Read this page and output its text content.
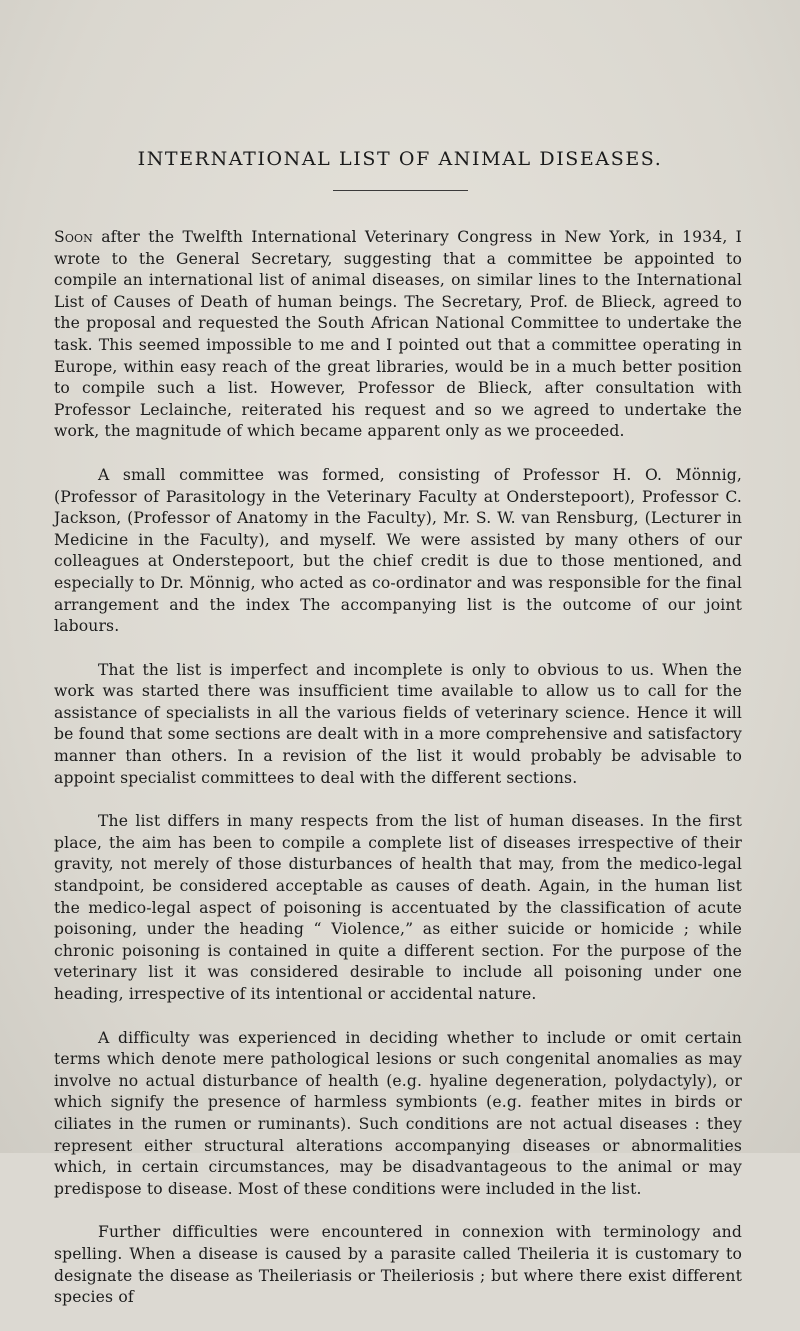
INTERNATIONAL LIST OF ANIMAL DISEASES.

Soon after the Twelfth International Veterinary Congress in New York, in 1934, I wrote to the General Secretary, suggesting that a committee be appointed to compile an international list of animal diseases, on similar lines to the International List of Causes of Death of human beings. The Secretary, Prof. de Blieck, agreed to the proposal and requested the South African National Committee to undertake the task. This seemed impossible to me and I pointed out that a committee operating in Europe, within easy reach of the great libraries, would be in a much better position to compile such a list. However, Professor de Blieck, after consultation with Professor Leclainche, reiterated his request and so we agreed to undertake the work, the magnitude of which became apparent only as we proceeded.

A small committee was formed, consisting of Professor H. O. Mönnig, (Professor of Parasitology in the Veterinary Faculty at Onderstepoort), Professor C. Jackson, (Professor of Anatomy in the Faculty), Mr. S. W. van Rensburg, (Lecturer in Medicine in the Faculty), and myself. We were assisted by many others of our colleagues at Onderstepoort, but the chief credit is due to those mentioned, and especially to Dr. Mönnig, who acted as co-ordinator and was responsible for the final arrangement and the index The accompanying list is the outcome of our joint labours.

That the list is imperfect and incomplete is only to obvious to us. When the work was started there was insufficient time available to allow us to call for the assistance of specialists in all the various fields of veterinary science. Hence it will be found that some sections are dealt with in a more comprehensive and satisfactory manner than others. In a revision of the list it would probably be advisable to appoint specialist committees to deal with the different sections.

The list differs in many respects from the list of human diseases. In the first place, the aim has been to compile a complete list of diseases irrespective of their gravity, not merely of those disturbances of health that may, from the medico-legal standpoint, be considered acceptable as causes of death. Again, in the human list the medico-legal aspect of poisoning is accentuated by the classification of acute poisoning, under the heading “ Violence,” as either suicide or homicide ; while chronic poisoning is contained in quite a different section. For the purpose of the veterinary list it was considered desirable to include all poisoning under one heading, irrespective of its intentional or accidental nature.

A difficulty was experienced in deciding whether to include or omit certain terms which denote mere pathological lesions or such congenital anomalies as may involve no actual disturbance of health (e.g. hyaline degeneration, polydactyly), or which signify the presence of harmless symbionts (e.g. feather mites in birds or ciliates in the rumen or ruminants). Such conditions are not actual diseases : they represent either structural alterations accompanying diseases or abnormalities which, in certain circumstances, may be disadvantageous to the animal or may predispose to disease. Most of these conditions were included in the list.

Further difficulties were encountered in connexion with terminology and spelling. When a disease is caused by a parasite called Theileria it is customary to designate the disease as Theileriasis or Theileriosis ; but where there exist different species of
